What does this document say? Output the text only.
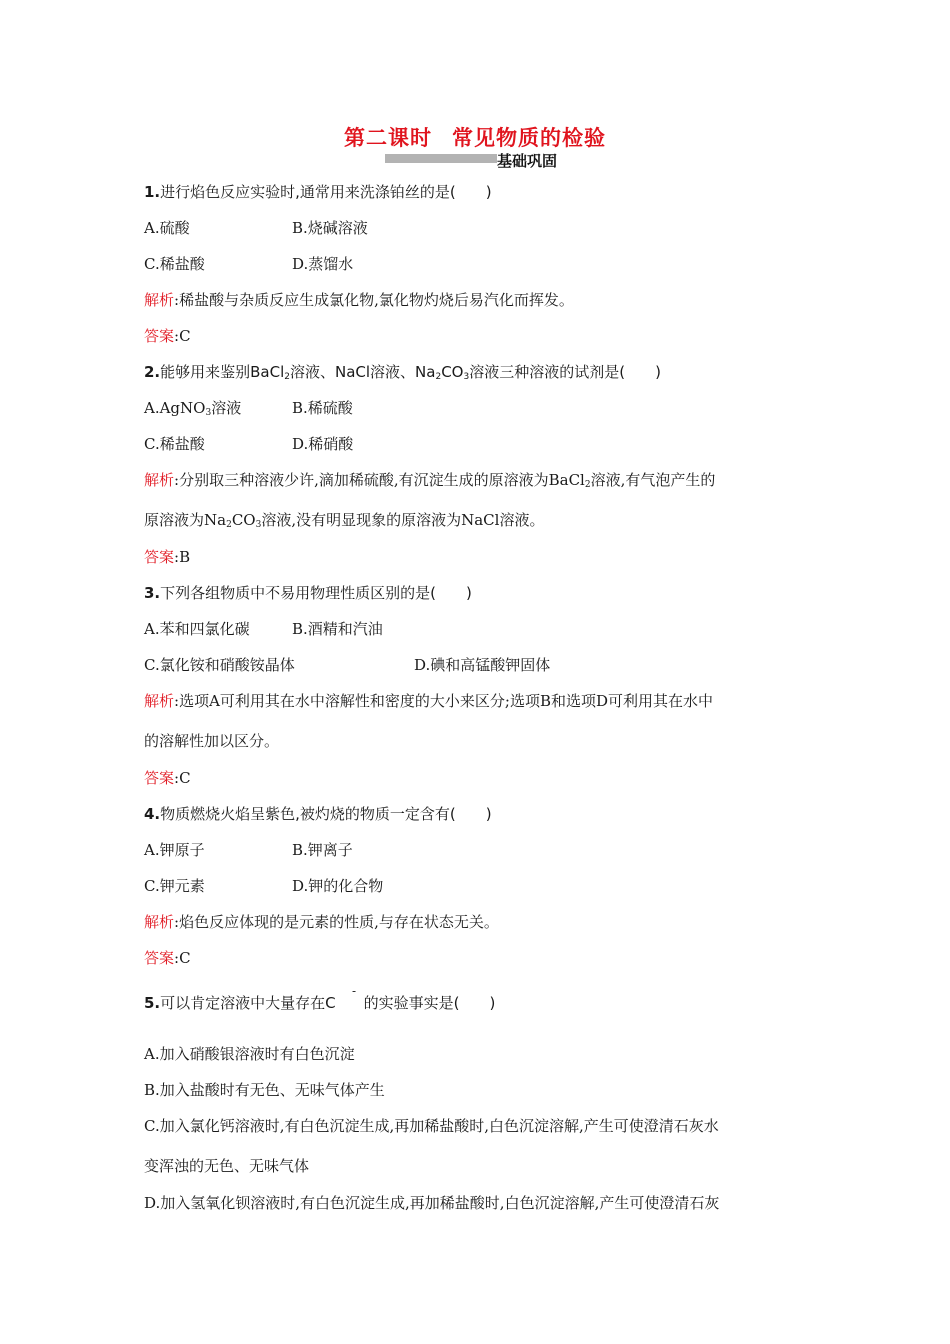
第二课时 常见物质的检验
基础巩固
1.进行焰色反应实验时,通常用来洗涤铂丝的是( )
A.硫酸	B.烧碱溶液
C.稀盐酸	D.蒸馏水
解析:稀盐酸与杂质反应生成氯化物,氯化物灼烧后易汽化而挥发。
答案:C
2.能够用来鉴别BaCl$_2$溶液、NaCl溶液、$Na_2CO_3$溶液三种溶液的试剂是( )
A.AgNO$_3$溶液	B.稀硫酸
C.稀盐酸	D.稀硝酸
解析:分别取三种溶液少许,滴加稀硫酸,有沉淀生成的原溶液为BaCl$_2$溶液,有气泡产生的
原溶液为$Na_2CO_3$溶液,没有明显现象的原溶液为NaCl溶液。
答案:B
3.下列各组物质中不易用物理性质区别的是( )
A.苯和四氯化碳	B.酒精和汽油
C.氯化铵和硝酸铵晶体	D.碘和高锰酸钾固体
解析:选项A可利用其在水中溶解性和密度的大小来区分;选项B和选项D可利用其在水中
的溶解性加以区分。
答案:C
4.物质燃烧火焰呈紫色,被灼烧的物质一定含有( )
A.钾原子	B.钾离子
C.钾元素	D.钾的化合物
解析:焰色反应体现的是元素的性质,与存在状态无关。
答案:C
-
5.可以肯定溶液中大量存在C 的实验事实是( )
A.加入硝酸银溶液时有白色沉淀
B.加入盐酸时有无色、无味气体产生
C.加入氯化钙溶液时,有白色沉淀生成,再加稀盐酸时,白色沉淀溶解,产生可使澄清石灰水
变浑浊的无色、无味气体
D.加入氢氧化钡溶液时,有白色沉淀生成,再加稀盐酸时,白色沉淀溶解,产生可使澄清石灰
